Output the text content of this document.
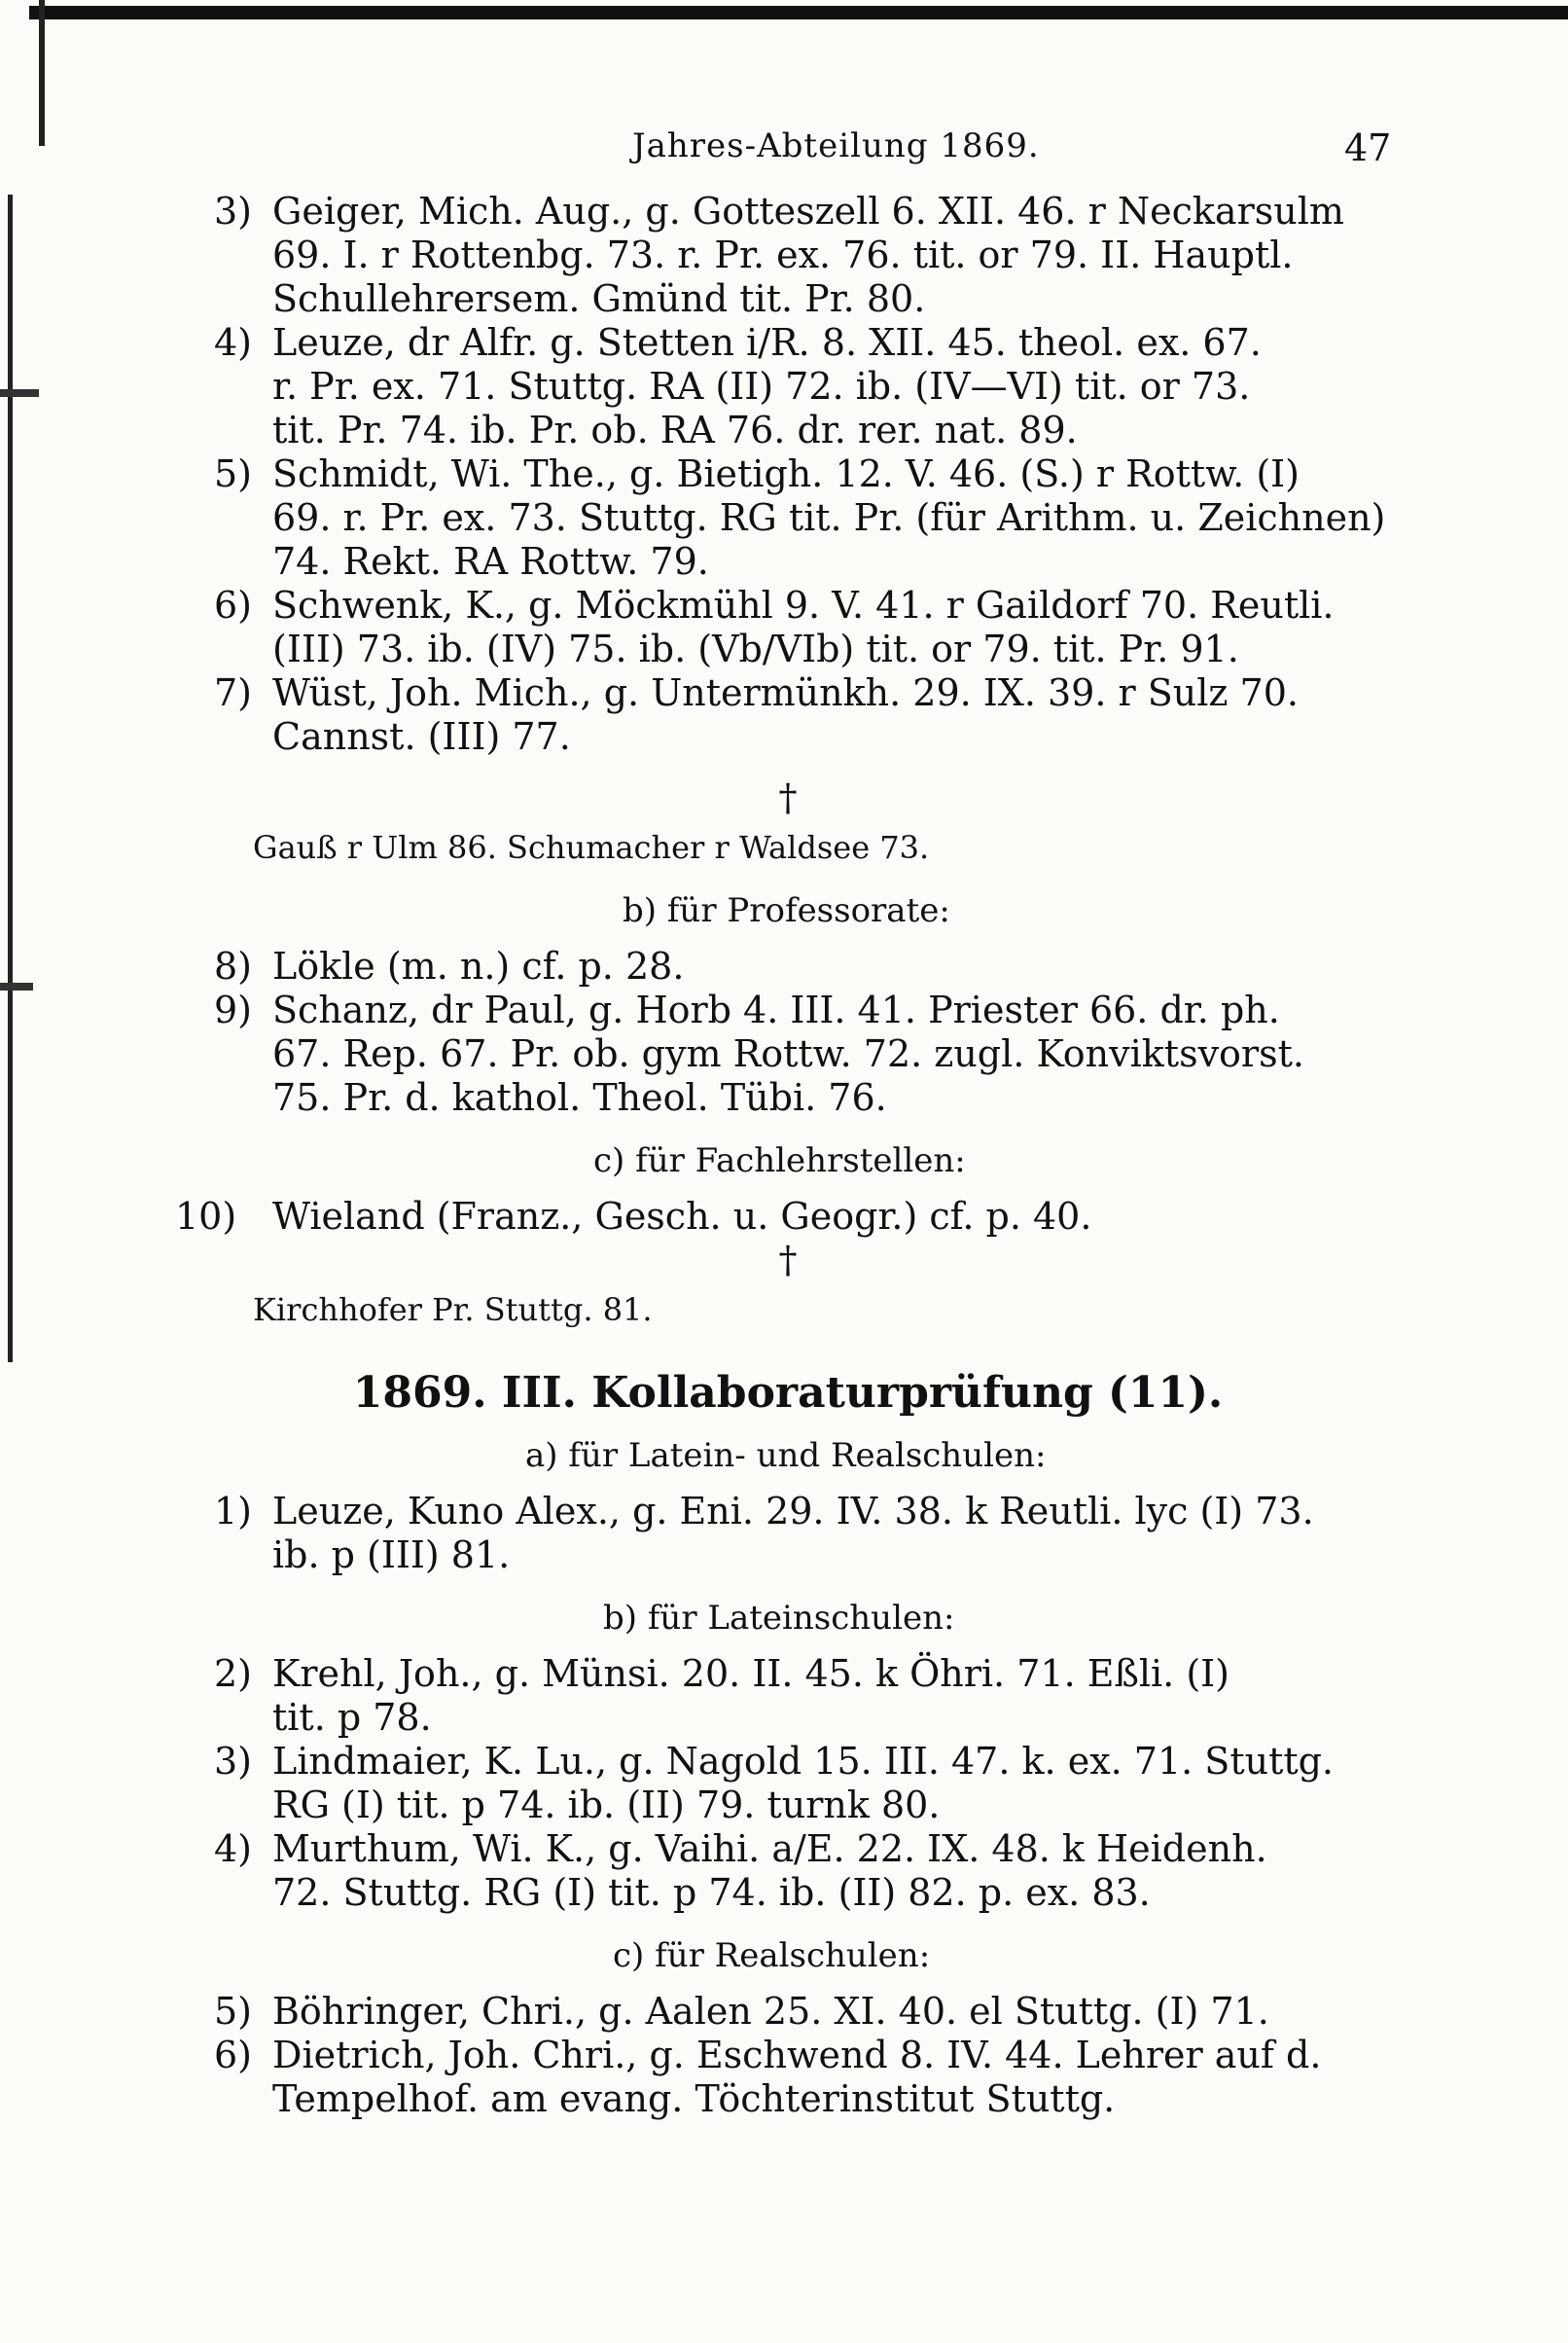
Jahres-Abteilung 1869.	47
3) Geiger, Mich. Aug., g. Gotteszell 6. XII. 46. r Neckarsulm
69. I. r Rottenbg. 73. r. Pr. ex. 76. tit. or 79. II. Hauptl.
Schullehrersem. Gmünd tit. Pr. 80.
4) Leuze, dr Alfr. g. Stetten i/R. 8. XII. 45. theol. ex. 67.
r. Pr. ex. 71. Stuttg. RA (II) 72. ib. (IV—VI) tit. or 73.
tit. Pr. 74. ib. Pr. ob. RA 76. dr. rer. nat. 89.
5) Schmidt, Wi. The., g. Bietigh. 12. V. 46. (S.) r Rottw. (I)
69. r. Pr. ex. 73. Stuttg. RG tit. Pr. (für Arithm. u. Zeichnen)
74. Rekt. RA Rottw. 79.
6) Schwenk, K., g. Möckmühl 9. V. 41. r Gaildorf 70. Reutli.
(III) 73. ib. (IV) 75. ib. (Vb/VIb) tit. or 79. tit. Pr. 91.
7) Wüst, Joh. Mich., g. Untermünkh. 29. IX. 39. r Sulz 70.
Cannst. (III) 77.
†
Gauß r Ulm 86. Schumacher r Waldsee 73.
b) für Professorate:
8) Lökle (m. n.) cf. p. 28.
9) Schanz, dr Paul, g. Horb 4. III. 41. Priester 66. dr. ph.
67. Rep. 67. Pr. ob. gym Rottw. 72. zugl. Konviktsvorst.
75. Pr. d. kathol. Theol. Tübi. 76.
c) für Fachlehrstellen:
10) Wieland (Franz., Gesch. u. Geogr.) cf. p. 40.
†
Kirchhofer Pr. Stuttg. 81.
1869. III. Kollaboraturprüfung (11).
a) für Latein- und Realschulen:
1) Leuze, Kuno Alex., g. Eni. 29. IV. 38. k Reutli. lyc (I) 73.
ib. p (III) 81.
b) für Lateinschulen:
2) Krehl, Joh., g. Münsi. 20. II. 45. k Öhri. 71. Eßli. (I)
tit. p 78.
3) Lindmaier, K. Lu., g. Nagold 15. III. 47. k. ex. 71. Stuttg.
RG (I) tit. p 74. ib. (II) 79. turnk 80.
4) Murthum, Wi. K., g. Vaihi. a/E. 22. IX. 48. k Heidenh.
72. Stuttg. RG (I) tit. p 74. ib. (II) 82. p. ex. 83.
c) für Realschulen:
5) Böhringer, Chri., g. Aalen 25. XI. 40. el Stuttg. (I) 71.
6) Dietrich, Joh. Chri., g. Eschwend 8. IV. 44. Lehrer auf d.
Tempelhof. am evang. Töchterinstitut Stuttg.
